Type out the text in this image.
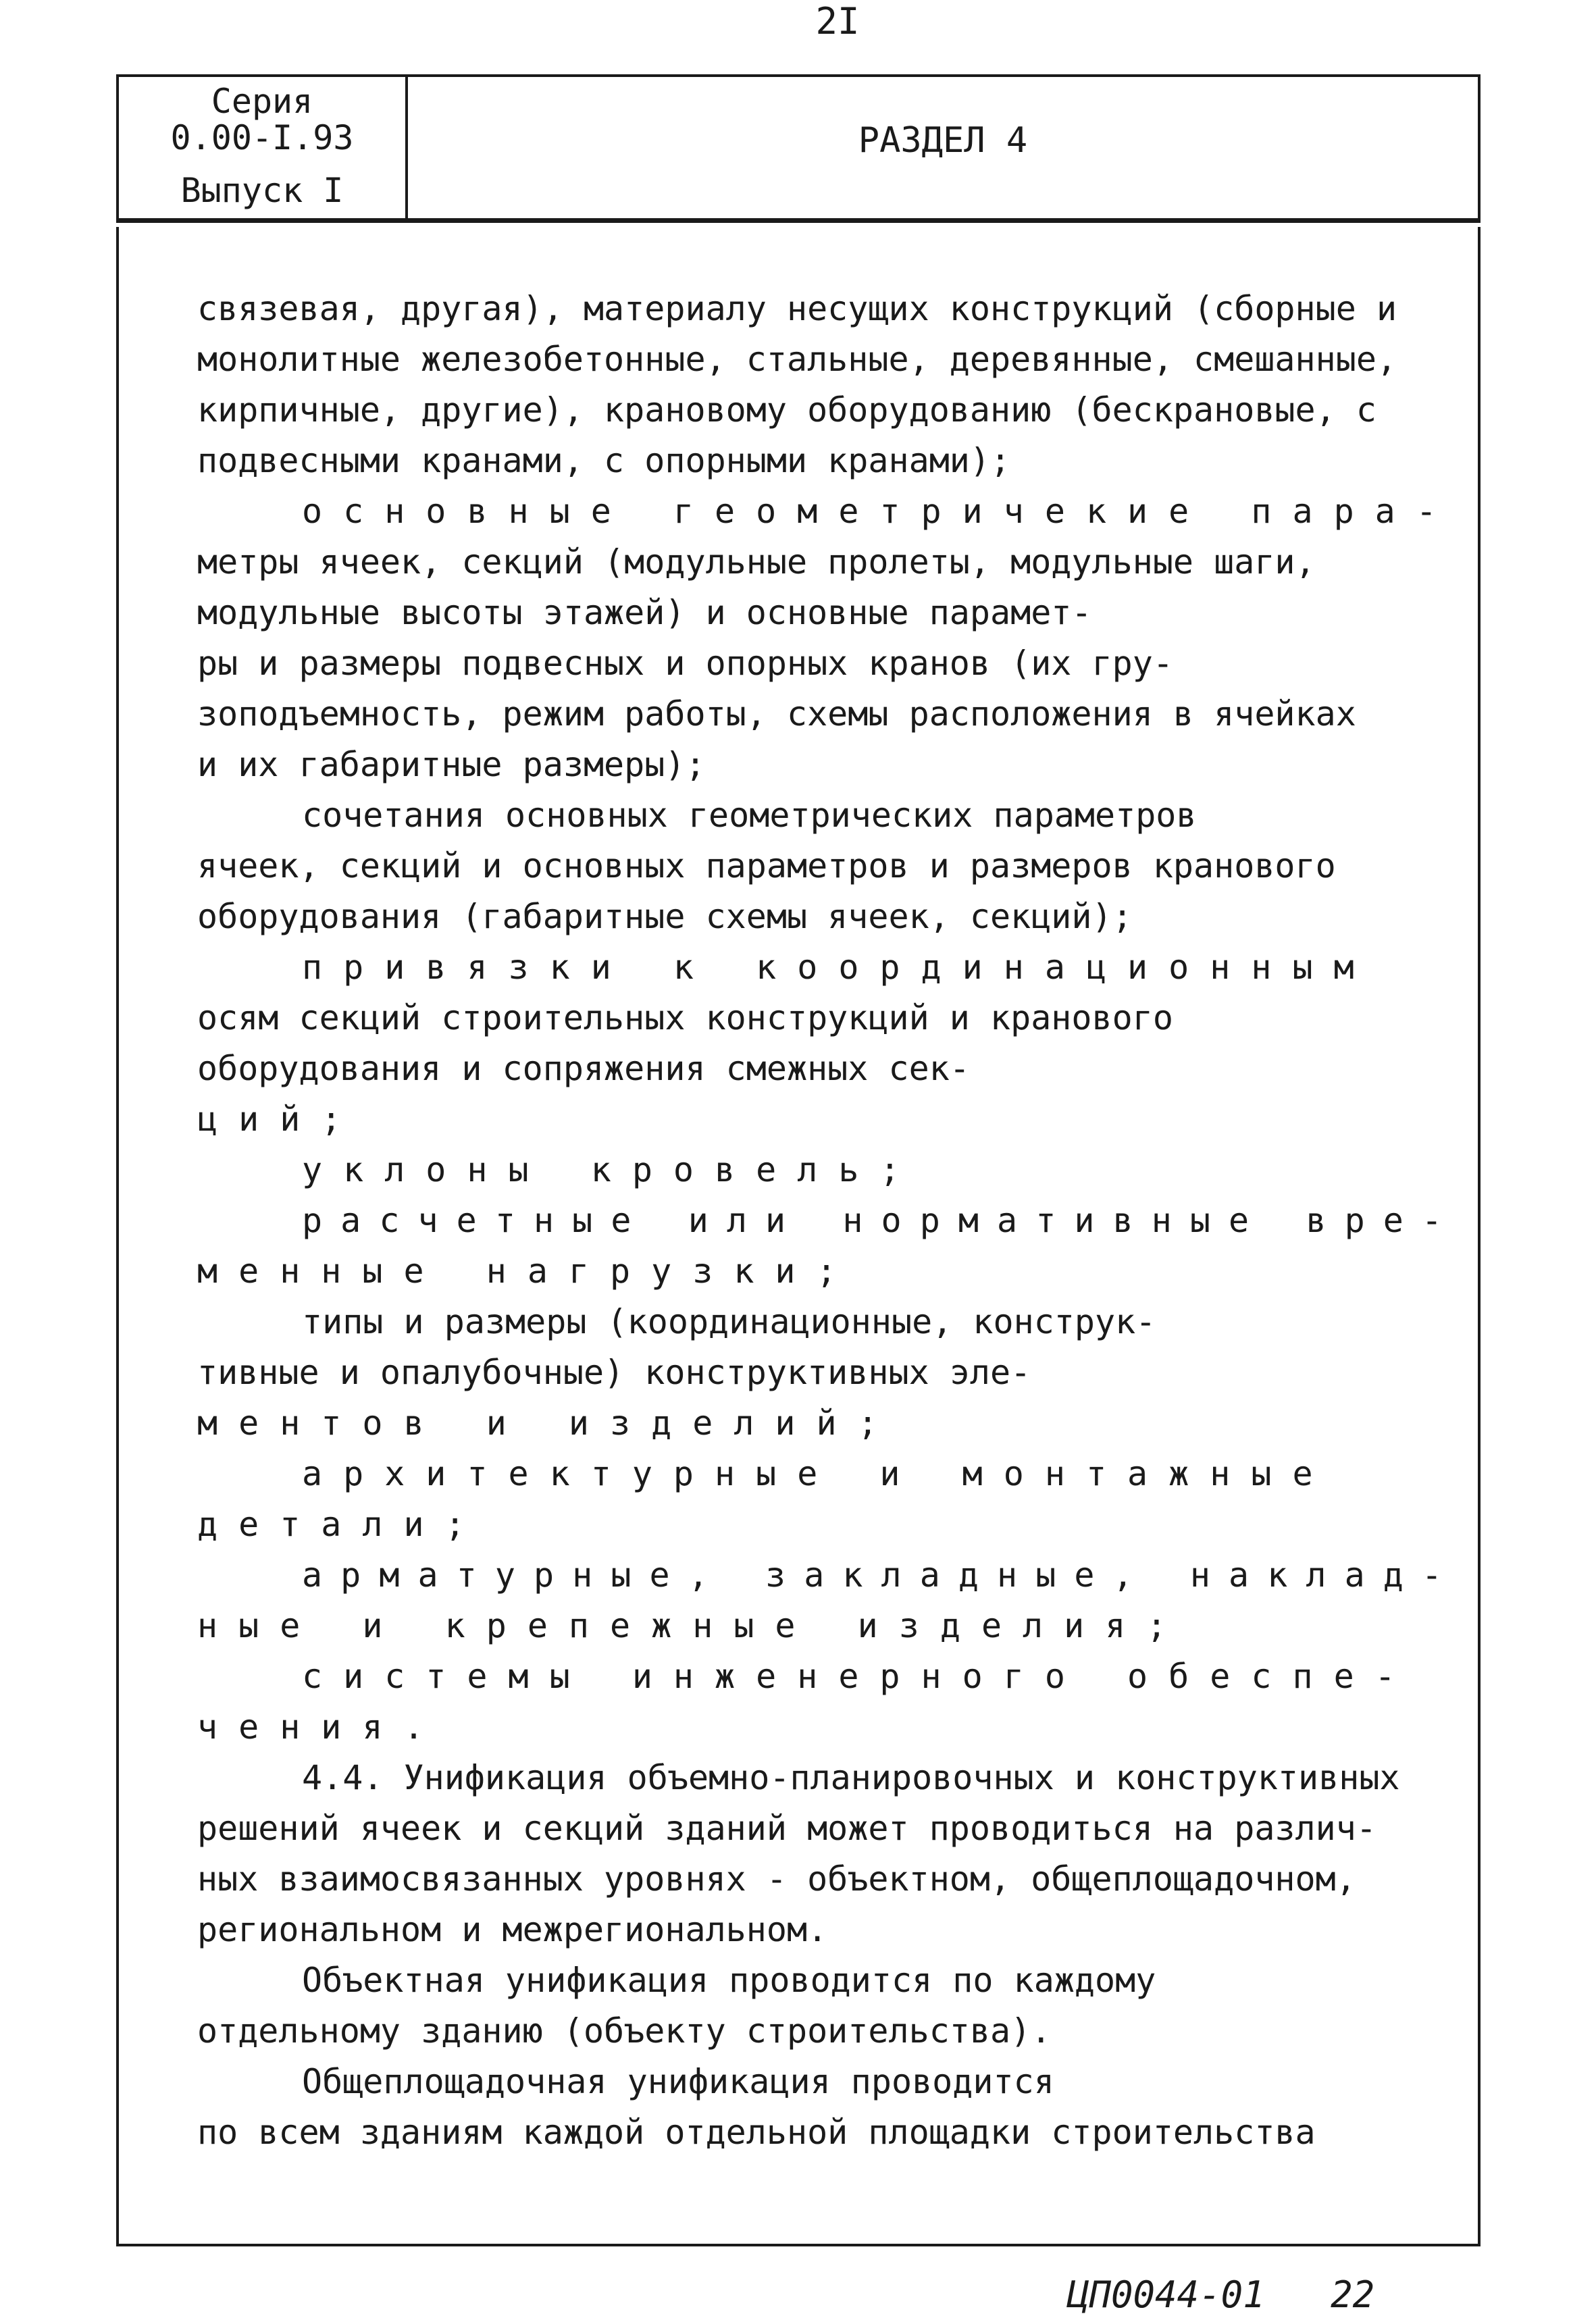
2I
Серия
0.00-I.93
Выпуск I
РАЗДЕЛ 4
связевая, другая), материалу несущих конструкций (сборные и
монолитные железобетонные, стальные, деревянные, смешанные,
кирпичные, другие), крановому оборудованию (бескрановые, с
подвесными кранами, с опорными кранами);
основные геометричекие пара-
метры ячеек, секций (модульные пролеты, модульные шаги,
модульные высоты этажей) и основные парамет-
ры и размеры подвесных и опорных кранов (их гру-
зоподъемность, режим работы, схемы расположения в ячейках
и их габаритные размеры);
сочетания основных геометрических параметров
ячеек, секций и основных параметров и размеров кранового
оборудования (габаритные схемы ячеек, секций);
привязки к координационным
осям секций строительных конструкций и кранового
оборудования и сопряжения смежных сек-
ций;
уклоны кровель;
расчетные или нормативные вре-
менные нагрузки;
типы и размеры (координационные, конструк-
тивные и опалубочные) конструктивных эле-
ментов и изделий;
архитектурные и монтажные
детали;
арматурные, закладные, наклад-
ные и крепежные изделия;
системы инженерного обеспе-
чения.
4.4. Унификация объемно-планировочных и конструктивных
решений ячеек и секций зданий может проводиться на различ-
ных взаимосвязанных уровнях - объектном, общеплощадочном,
региональном и межрегиональном.
Объектная унификация проводится по каждому
отдельному зданию (объекту строительства).
Общеплощадочная унификация проводится
по всем зданиям каждой отдельной площадки строительства
ЦП0044-01   22
